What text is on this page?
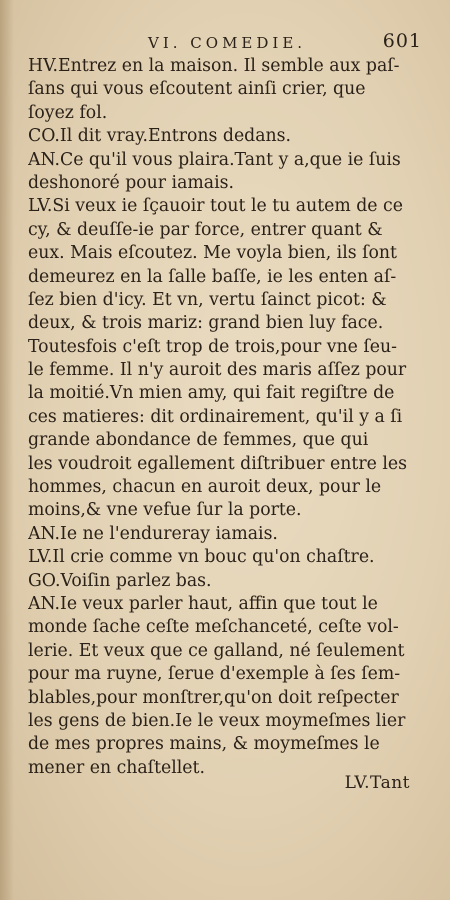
VI. COMEDIE.	601
HV.Entrez en la maison. Il semble aux paſ-
ſans qui vous eſcoutent ainſi crier, que
ſoyez fol.
CO.Il dit vray.Entrons dedans.
AN.Ce qu'il vous plaira.Tant y a,que ie ſuis
deshonoré pour iamais.
LV.Si veux ie ſçauoir tout le tu autem de ce
cy, & deuſſe-ie par force, entrer quant &
eux. Mais eſcoutez. Me voyla bien, ils ſont
demeurez en la ſalle baſſe, ie les enten aſ-
ſez bien d'icy. Et vn, vertu ſainct picot: &
deux, & trois mariz: grand bien luy face.
Toutesfois c'eſt trop de trois,pour vne ſeu-
le femme. Il n'y auroit des maris aſſez pour
la moitié.Vn mien amy, qui fait regiſtre de
ces matieres: dit ordinairement, qu'il y a ſi
grande abondance de femmes, que qui
les voudroit egallement diſtribuer entre les
hommes, chacun en auroit deux, pour le
moins,& vne vefue ſur la porte.
AN.Ie ne l'endureray iamais.
LV.Il crie comme vn bouc qu'on chaſtre.
GO.Voiſin parlez bas.
AN.Ie veux parler haut, affin que tout le
monde ſache ceſte meſchanceté, ceſte vol-
lerie. Et veux que ce galland, né ſeulement
pour ma ruyne, ſerue d'exemple à ſes ſem-
blables,pour monſtrer,qu'on doit reſpecter
les gens de bien.Ie le veux moymeſmes lier
de mes propres mains, & moymeſmes le
mener en chaſtellet.
LV.Tant
